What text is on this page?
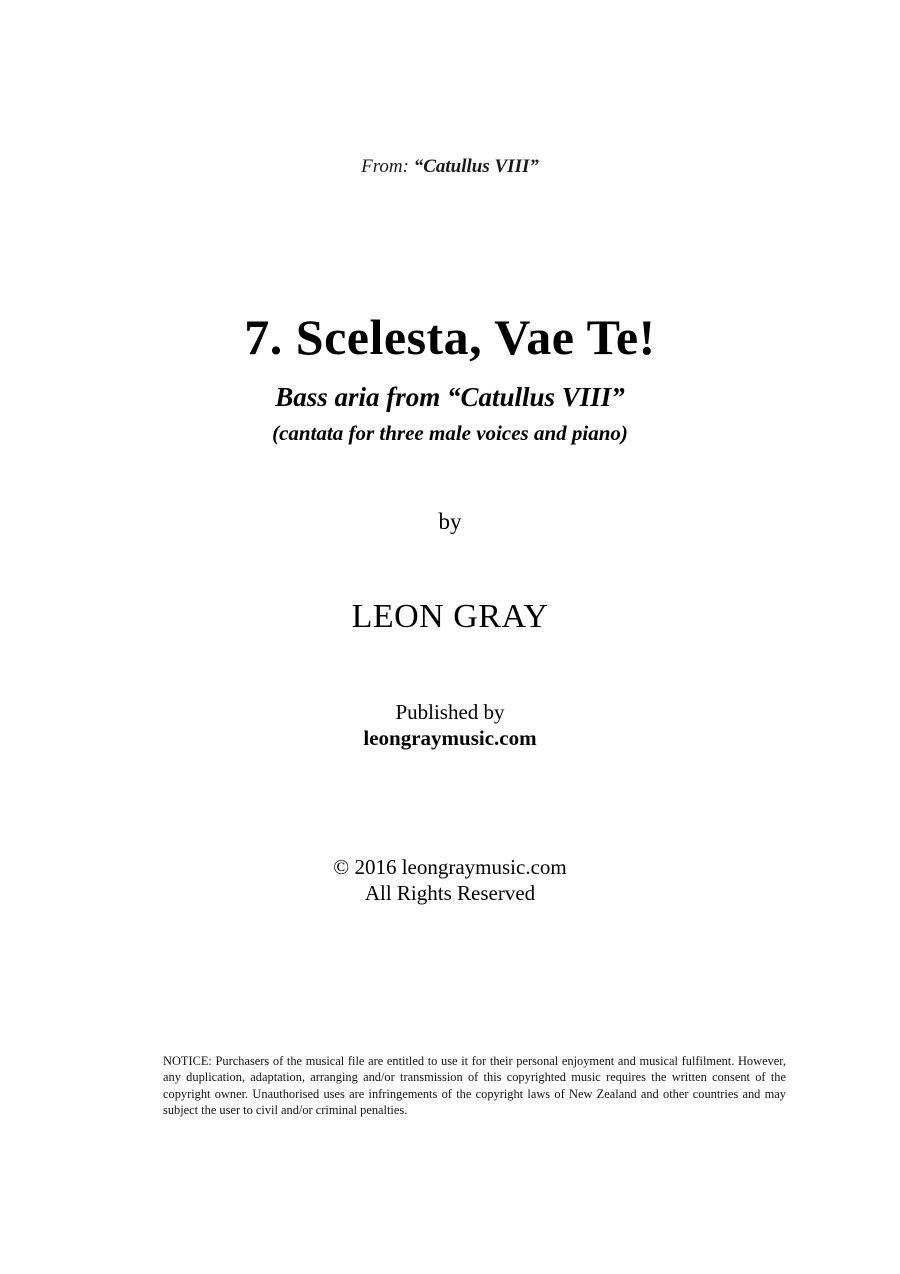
From: “Catullus VIII”
7. Scelesta, Vae Te!
Bass aria from “Catullus VIII”
(cantata for three male voices and piano)
by
LEON GRAY
Published by
leongraymusic.com
© 2016 leongraymusic.com
All Rights Reserved
NOTICE: Purchasers of the musical file are entitled to use it for their personal enjoyment and musical fulfilment. However, any duplication, adaptation, arranging and/or transmission of this copyrighted music requires the written consent of the copyright owner. Unauthorised uses are infringements of the copyright laws of New Zealand and other countries and may subject the user to civil and/or criminal penalties.
